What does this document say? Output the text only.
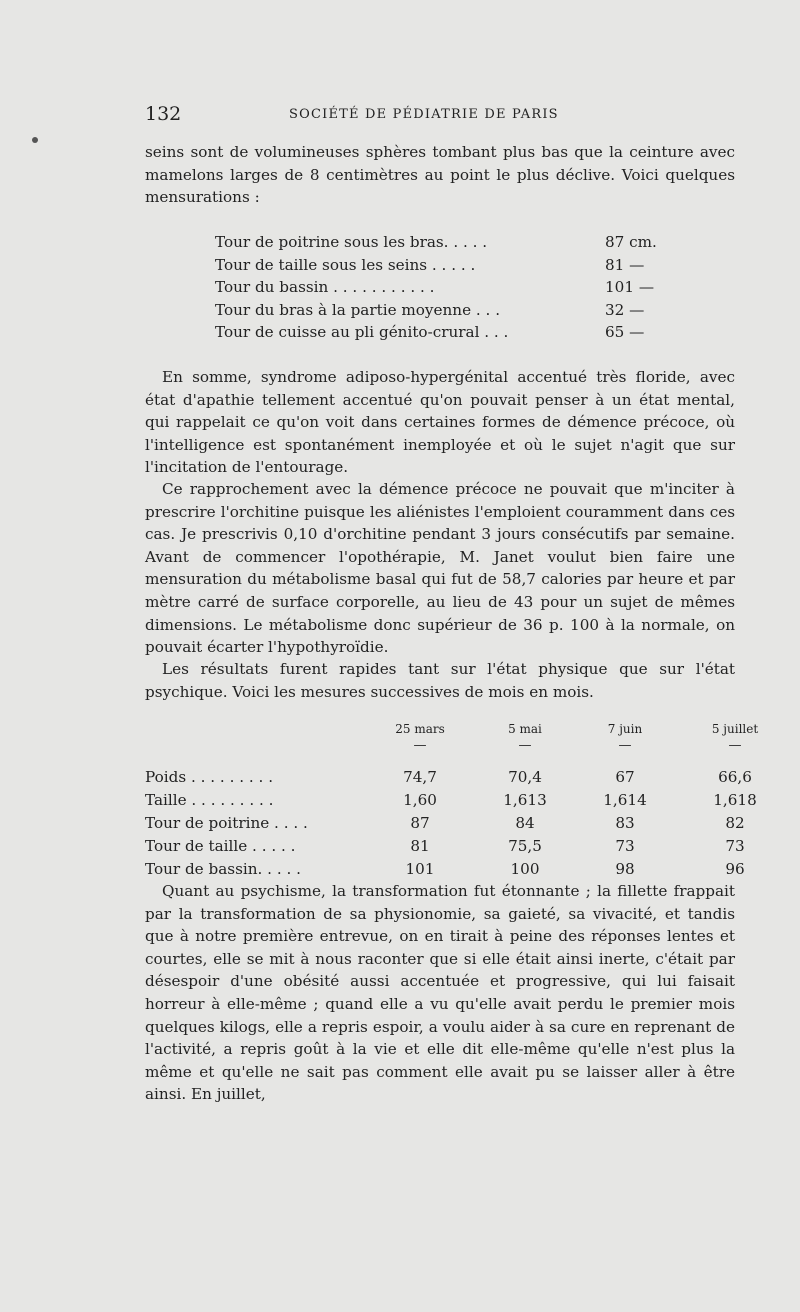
132	SOCIÉTÉ DE PÉDIATRIE DE PARIS

seins sont de volumineuses sphères tombant plus bas que la ceinture avec mamelons larges de 8 centimètres au point le plus déclive. Voici quelques mensurations :

Tour de poitrine sous les bras. . . . .	87 cm.
Tour de taille sous les seins . . . . .	81 —
Tour du bassin . . . . . . . . . . .	101 —
Tour du bras à la partie moyenne . . .	32 —
Tour de cuisse au pli génito-crural . . .	65 —

En somme, syndrome adiposo-hypergénital accentué très floride, avec état d'apathie tellement accentué qu'on pouvait penser à un état mental, qui rappelait ce qu'on voit dans certaines formes de démence précoce, où l'intelligence est spontanément inemployée et où le sujet n'agit que sur l'incitation de l'entourage.

Ce rapprochement avec la démence précoce ne pouvait que m'inciter à prescrire l'orchitine puisque les aliénistes l'emploient couramment dans ces cas. Je prescrivis 0,10 d'orchitine pendant 3 jours consécutifs par semaine. Avant de commencer l'opothérapie, M. Janet voulut bien faire une mensuration du métabolisme basal qui fut de 58,7 calories par heure et par mètre carré de surface corporelle, au lieu de 43 pour un sujet de mêmes dimensions. Le métabolisme donc supérieur de 36 p. 100 à la normale, on pouvait écarter l'hypothyroïdie.

Les résultats furent rapides tant sur l'état physique que sur l'état psychique. Voici les mesures successives de mois en mois.

25 mars	5 mai	7 juin	5 juillet
—	—	—	—
Poids . . . . . . . . .	74,7	70,4	67	66,6
Taille . . . . . . . . .	1,60	1,613	1,614	1,618
Tour de poitrine . . . .	87	84	83	82
Tour de taille . . . . .	81	75,5	73	73
Tour de bassin. . . . .	101	100	98	96

Quant au psychisme, la transformation fut étonnante ; la fillette frappait par la transformation de sa physionomie, sa gaieté, sa vivacité, et tandis que à notre première entrevue, on en tirait à peine des réponses lentes et courtes, elle se mit à nous raconter que si elle était ainsi inerte, c'était par désespoir d'une obésité aussi accentuée et progressive, qui lui faisait horreur à elle-même ; quand elle a vu qu'elle avait perdu le premier mois quelques kilogs, elle a repris espoir, a voulu aider à sa cure en reprenant de l'activité, a repris goût à la vie et elle dit elle-même qu'elle n'est plus la même et qu'elle ne sait pas comment elle avait pu se laisser aller à être ainsi. En juillet,
